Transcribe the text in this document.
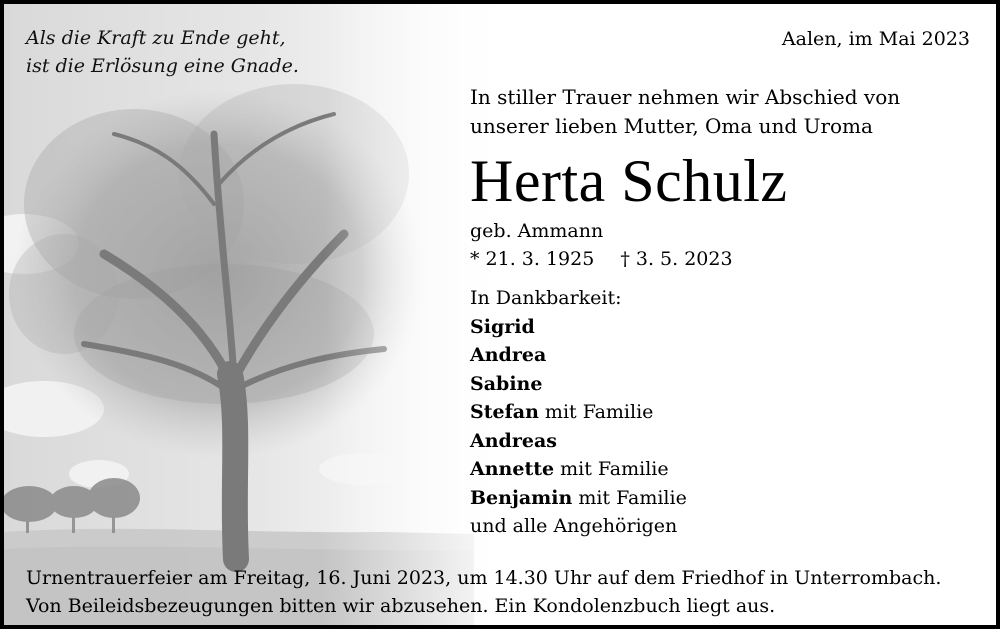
Als die Kraft zu Ende geht,
ist die Erlösung eine Gnade.
Aalen, im Mai 2023
In stiller Trauer nehmen wir Abschied von
unserer lieben Mutter, Oma und Uroma
Herta Schulz
geb. Ammann
* 21. 3. 1925 † 3. 5. 2023
In Dankbarkeit:
Sigrid
Andrea
Sabine
Stefan mit Familie
Andreas
Annette mit Familie
Benjamin mit Familie
und alle Angehörigen
Urnentrauerfeier am Freitag, 16. Juni 2023, um 14.30 Uhr auf dem Friedhof in Unterrombach.
Von Beileidsbezeugungen bitten wir abzusehen. Ein Kondolenzbuch liegt aus.
